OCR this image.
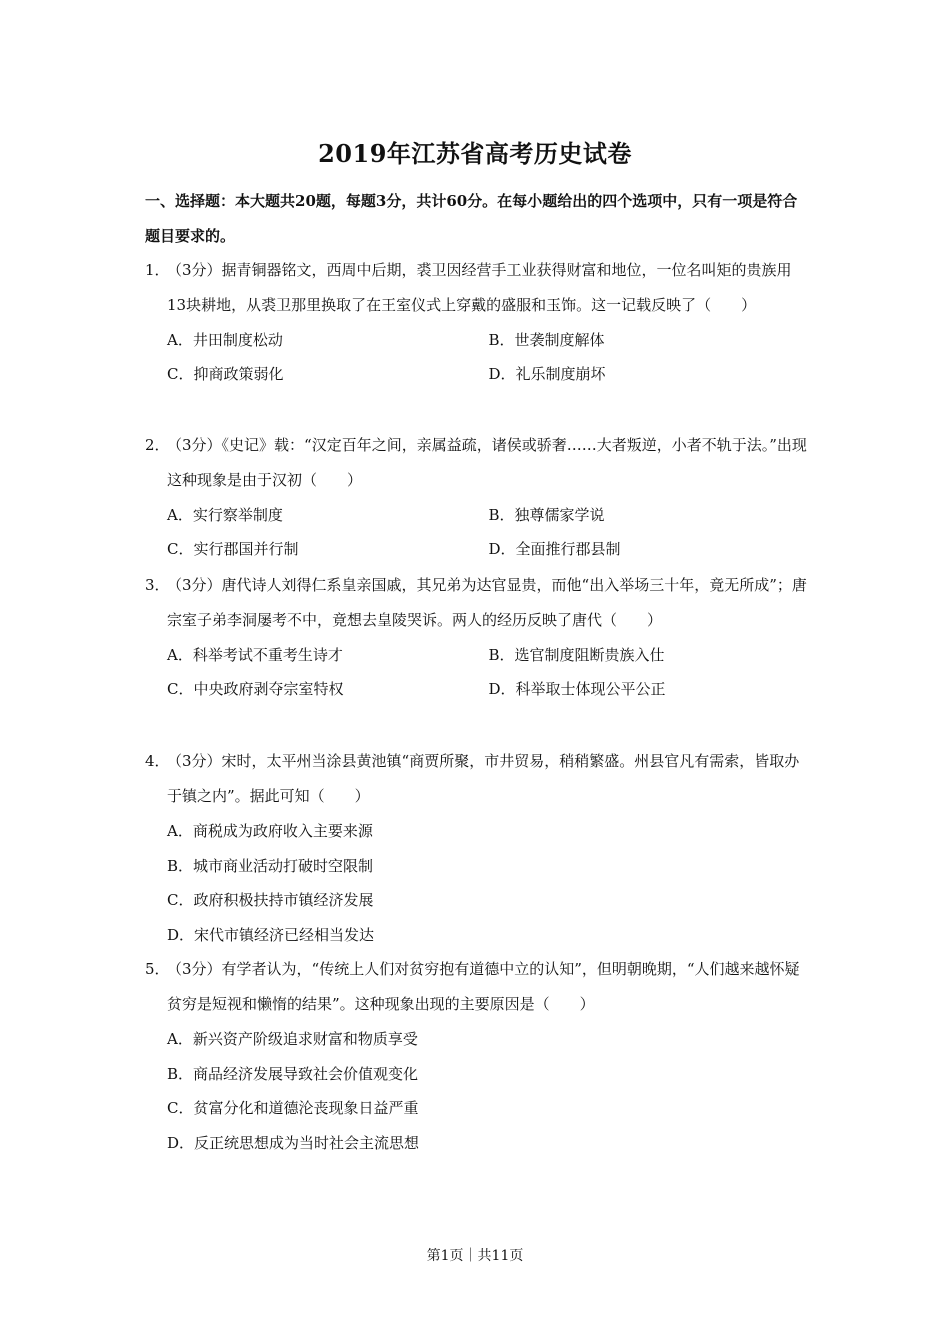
2019年江苏省高考历史试卷
一、选择题：本大题共20题，每题3分，共计60分。在每小题给出的四个选项中，只有一项是符合题目要求的。
1．
（3分）据青铜器铭文，西周中后期，裘卫因经营手工业获得财富和地位，一位名叫矩的贵族用13块耕地，从裘卫那里换取了在王室仪式上穿戴的盛服和玉饰。这一记载反映了（　　）
A．井田制度松动	B．世袭制度解体
C．抑商政策弱化	D．礼乐制度崩坏
2．
（3分）《史记》载：“汉定百年之间，亲属益疏，诸侯或骄奢……大者叛逆，小者不轨于法。”出现这种现象是由于汉初（　　）
A．实行察举制度	B．独尊儒家学说
C．实行郡国并行制	D．全面推行郡县制
3．
（3分）唐代诗人刘得仁系皇亲国戚，其兄弟为达官显贵，而他“出入举场三十年，竟无所成”；唐宗室子弟李洞屡考不中，竟想去皇陵哭诉。两人的经历反映了唐代（　　）
A．科举考试不重考生诗才	B．选官制度阻断贵族入仕
C．中央政府剥夺宗室特权	D．科举取士体现公平公正
4．
（3分）宋时，太平州当涂县黄池镇“商贾所聚，市井贸易，稍稍繁盛。州县官凡有需索，皆取办于镇之内”。据此可知（　　）
A．商税成为政府收入主要来源
B．城市商业活动打破时空限制
C．政府积极扶持市镇经济发展
D．宋代市镇经济已经相当发达
5．
（3分）有学者认为，“传统上人们对贫穷抱有道德中立的认知”，但明朝晚期，“人们越来越怀疑贫穷是短视和懒惰的结果”。这种现象出现的主要原因是（　　）
A．新兴资产阶级追求财富和物质享受
B．商品经济发展导致社会价值观变化
C．贫富分化和道德沦丧现象日益严重
D．反正统思想成为当时社会主流思想
第1页｜共11页
